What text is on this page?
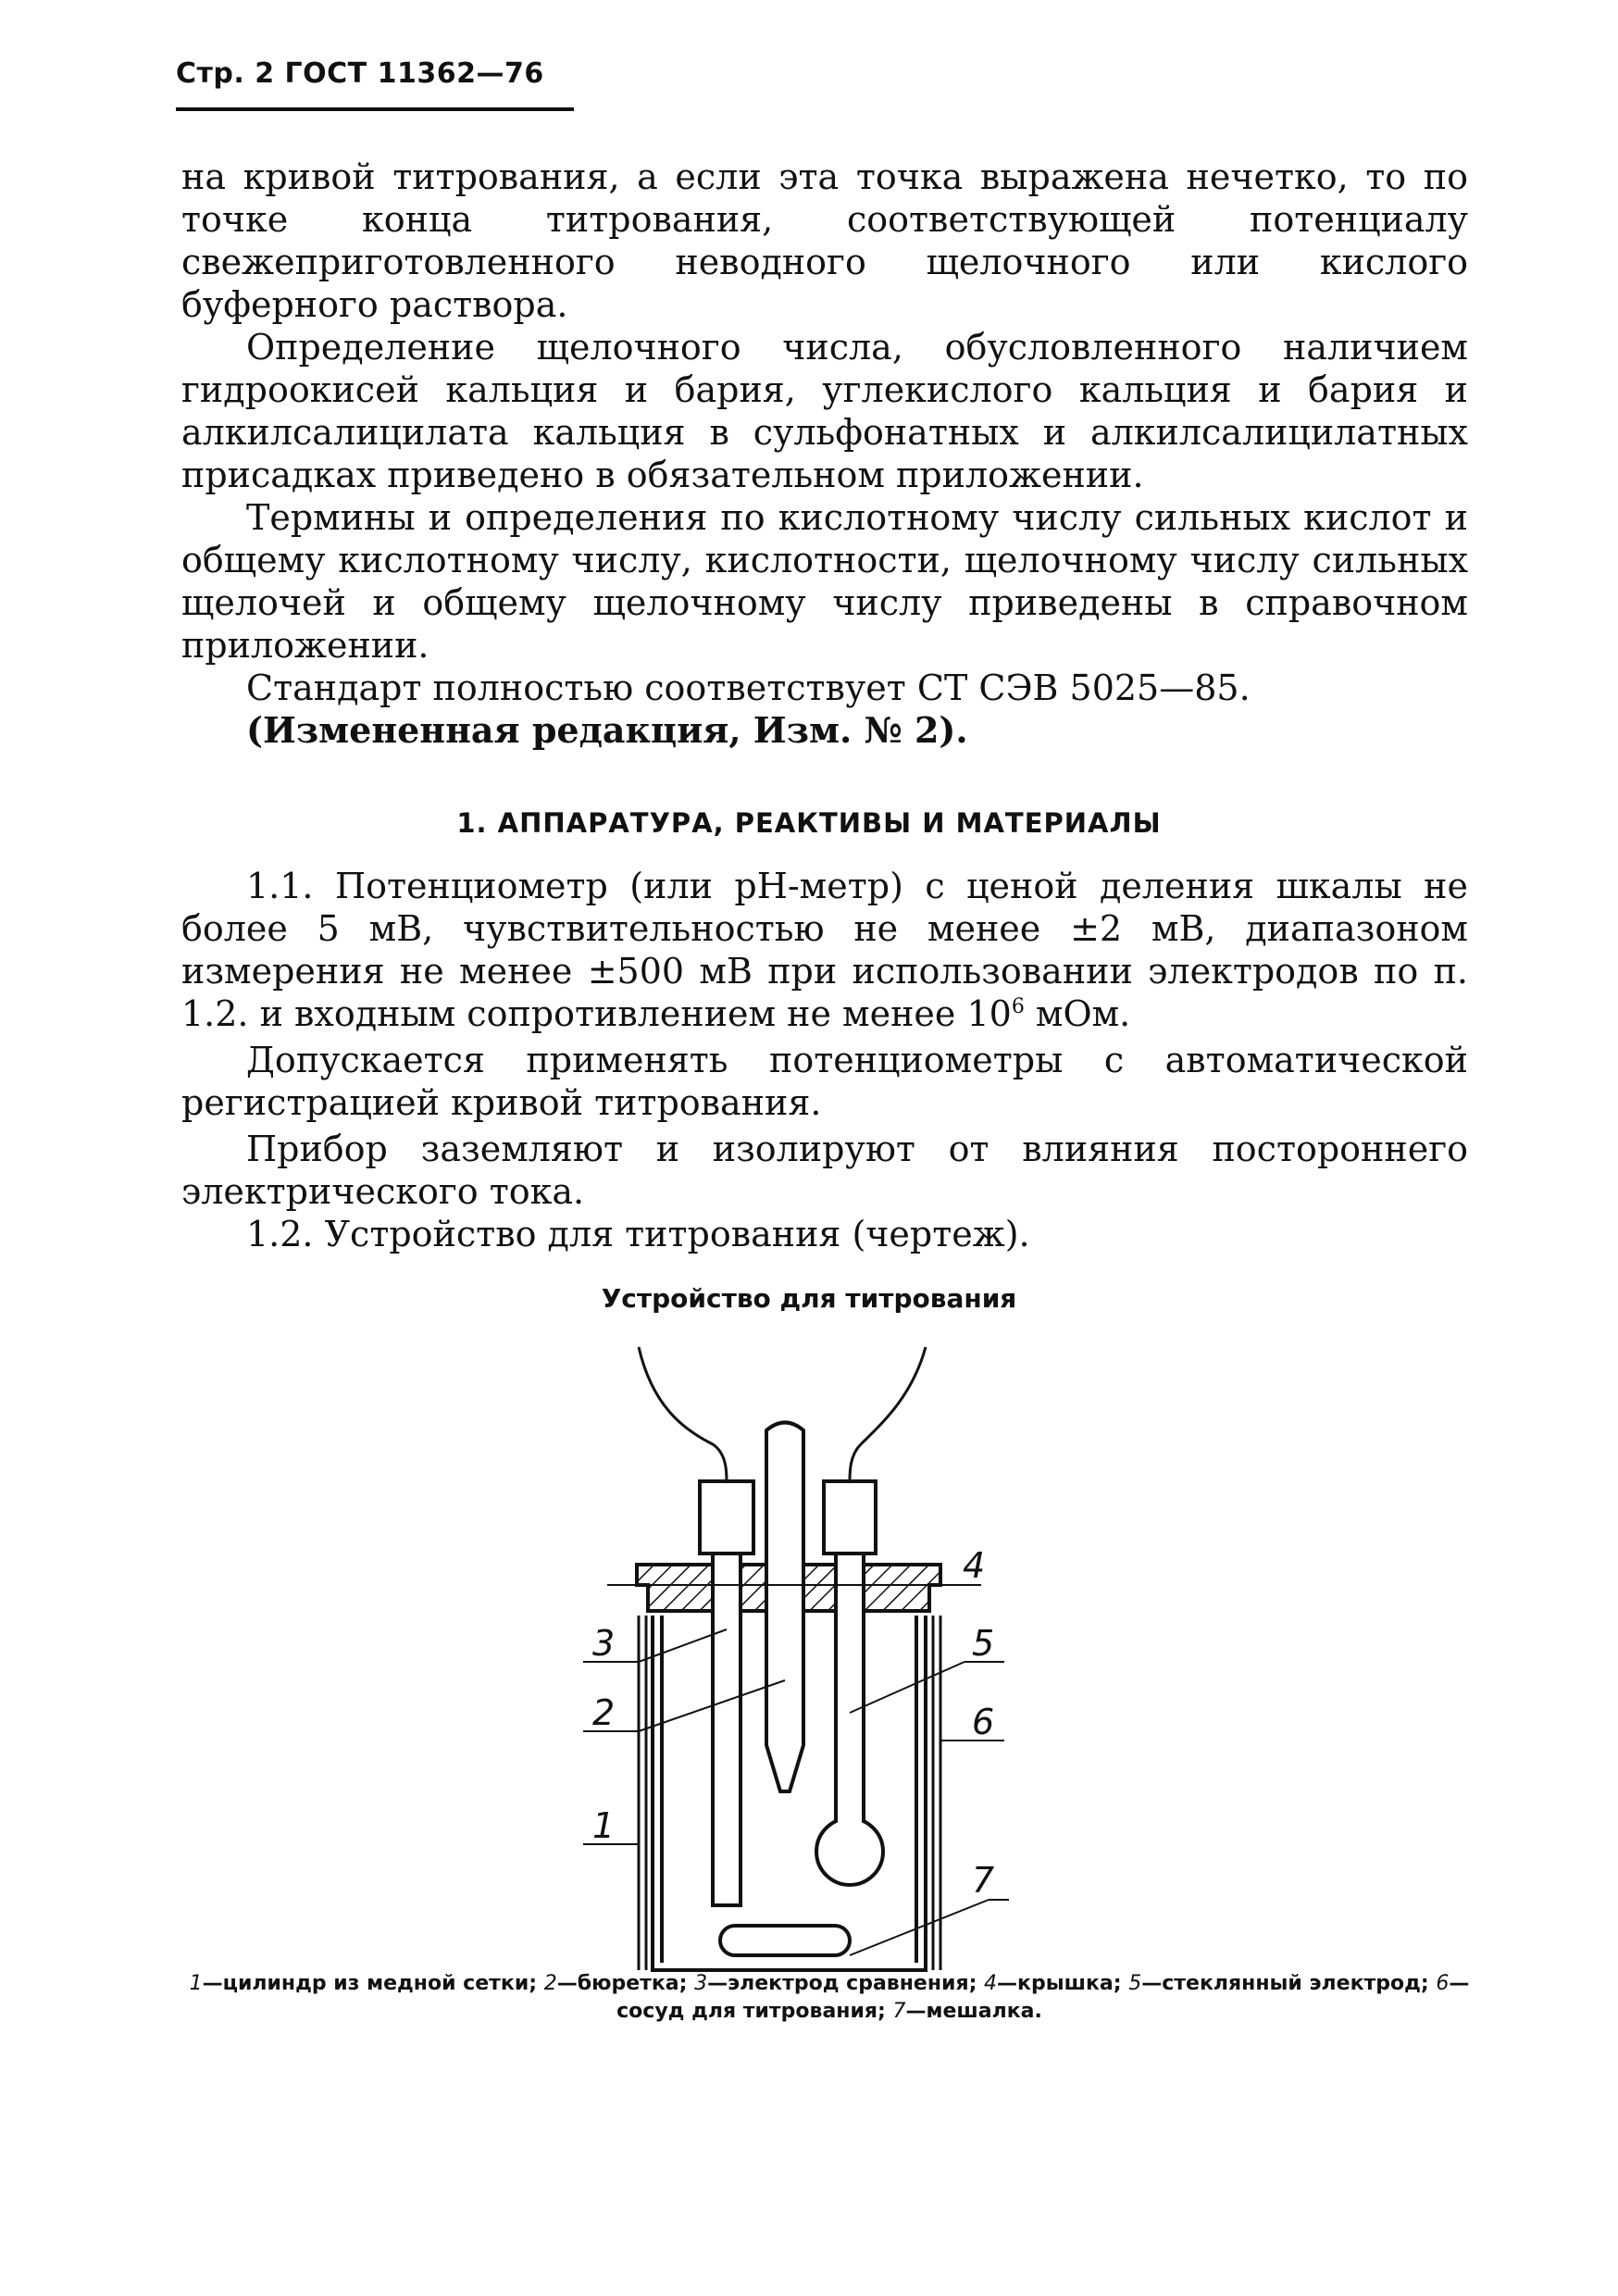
Стр. 2 ГОСТ 11362—76

на кривой титрования, а если эта точка выражена нечетко, то по точке конца титрования, соответствующей потенциалу свежеприготовленного неводного щелочного или кислого буферного раствора.

Определение щелочного числа, обусловленного наличием гидроокисей кальция и бария, углекислого кальция и бария и алкилсалицилата кальция в сульфонатных и алкилсалицилатных присадках приведено в обязательном приложении.

Термины и определения по кислотному числу сильных кислот и общему кислотному числу, кислотности, щелочному числу сильных щелочей и общему щелочному числу приведены в справочном приложении.

Стандарт полностью соответствует СТ СЭВ 5025—85.

(Измененная редакция, Изм. № 2).

1. АППАРАТУРА, РЕАКТИВЫ И МАТЕРИАЛЫ

1.1. Потенциометр (или pH-метр) с ценой деления шкалы не более 5 мВ, чувствительностью не менее ±2 мВ, диапазоном измерения не менее ±500 мВ при использовании электродов по п. 1.2. и входным сопротивлением не менее $10^6$ мОм.

Допускается применять потенциометры с автоматической регистрацией кривой титрования.

Прибор заземляют и изолируют от влияния постороннего электрического тока.

1.2. Устройство для титрования (чертеж).

Устройство для титрования
1
2
3
4
5
6
7
1—цилиндр из медной сетки; 2—бюретка; 3—электрод сравнения; 4—крышка; 5—стеклянный электрод; 6—сосуд для титрования; 7—мешалка.
